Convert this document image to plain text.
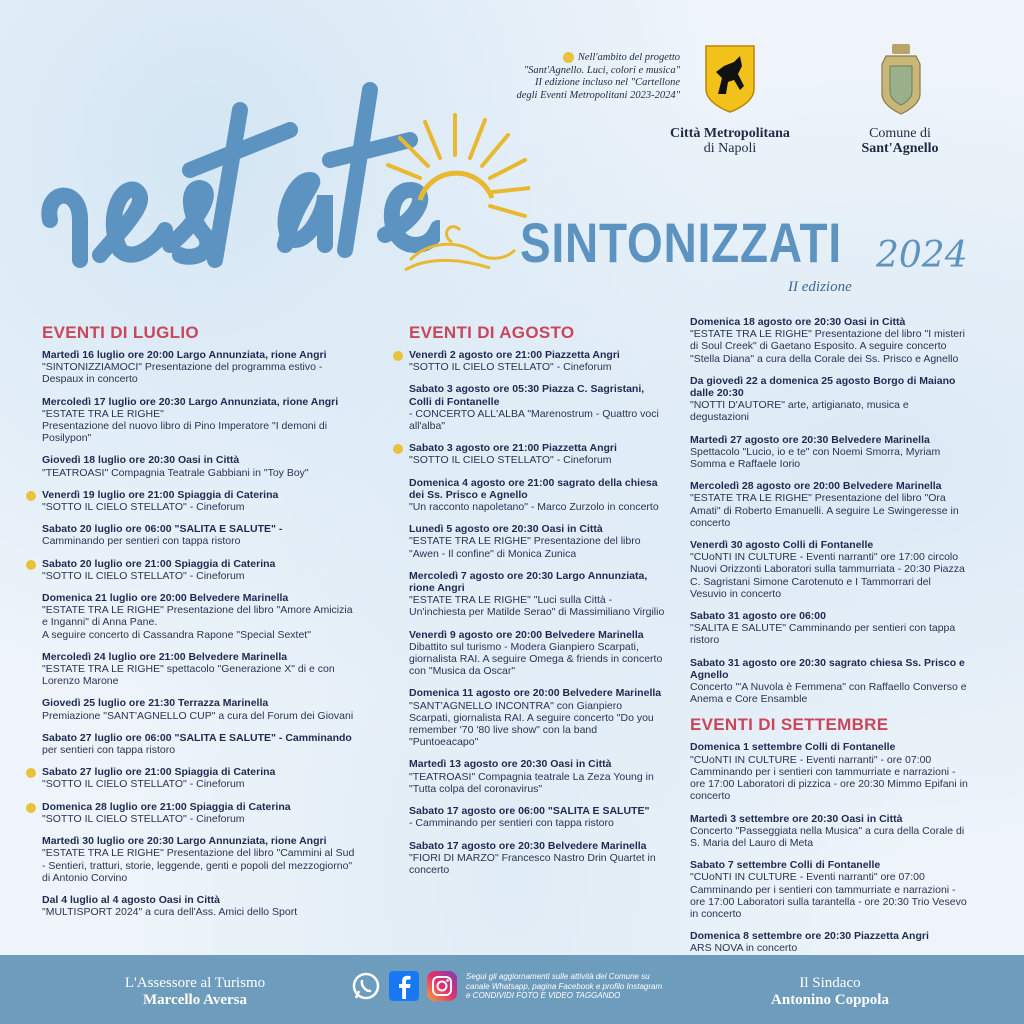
SINTONIZZATI 2024
II edizione
Nell'ambito del progetto
"Sant'Agnello. Luci, colori e musica"
II edizione incluso nel "Cartellone
degli Eventi Metropolitani 2023-2024"
Città Metropolitana
di Napoli
Comune di
Sant'Agnello
EVENTI DI LUGLIO
Martedì 16 luglio ore 20:00 Largo Annunziata, rione Angri
"SINTONIZZIAMOCI" Presentazione del programma estivo - Despaux in concerto
Mercoledì 17 luglio ore 20:30 Largo Annunziata, rione Angri
"ESTATE TRA LE RIGHE"
Presentazione del nuovo libro di Pino Imperatore "I demoni di Posilypon"
Giovedì 18 luglio ore 20:30 Oasi in Città
"TEATROASI" Compagnia Teatrale Gabbiani in "Toy Boy"
Venerdì 19 luglio ore 21:00 Spiaggia di Caterina
"SOTTO IL CIELO STELLATO" - Cineforum
Sabato 20 luglio ore 06:00 "SALITA E SALUTE" -
Camminando per sentieri con tappa ristoro
Sabato 20 luglio ore 21:00 Spiaggia di Caterina
"SOTTO IL CIELO STELLATO" - Cineforum
Domenica 21 luglio ore 20:00 Belvedere Marinella
"ESTATE TRA LE RIGHE" Presentazione del libro "Amore Amicizia e Inganni" di Anna Pane.
A seguire concerto di Cassandra Rapone "Special Sextet"
Mercoledì 24 luglio ore 21:00 Belvedere Marinella
"ESTATE TRA LE RIGHE" spettacolo "Generazione X" di e con Lorenzo Marone
Giovedì 25 luglio ore 21:30 Terrazza Marinella
Premiazione "SANT'AGNELLO CUP" a cura del Forum dei Giovani
Sabato 27 luglio ore 06:00 "SALITA E SALUTE" - Camminando
per sentieri con tappa ristoro
Sabato 27 luglio ore 21:00 Spiaggia di Caterina
"SOTTO IL CIELO STELLATO" - Cineforum
Domenica 28 luglio ore 21:00 Spiaggia di Caterina
"SOTTO IL CIELO STELLATO" - Cineforum
Martedì 30 luglio ore 20:30 Largo Annunziata, rione Angri
"ESTATE TRA LE RIGHE" Presentazione del libro "Cammini al Sud - Sentieri, tratturi, storie, leggende, genti e popoli del mezzogiorno" di Antonio Corvino
Dal 4 luglio al 4 agosto Oasi in Città
"MULTISPORT 2024" a cura dell'Ass. Amici dello Sport
EVENTI DI AGOSTO
Venerdì 2 agosto ore 21:00 Piazzetta Angri
"SOTTO IL CIELO STELLATO" - Cineforum
Sabato 3 agosto ore 05:30 Piazza C. Sagristani, Colli di Fontanelle
- CONCERTO ALL'ALBA "Marenostrum - Quattro voci all'alba"
Sabato 3 agosto ore 21:00 Piazzetta Angri
"SOTTO IL CIELO STELLATO" - Cineforum
Domenica 4 agosto ore 21:00 sagrato della chiesa dei Ss. Prisco e Agnello
"Un racconto napoletano" - Marco Zurzolo in concerto
Lunedì 5 agosto ore 20:30 Oasi in Città
"ESTATE TRA LE RIGHE" Presentazione del libro "Awen - Il confine" di Monica Zunica
Mercoledì 7 agosto ore 20:30 Largo Annunziata, rione Angri
"ESTATE TRA LE RIGHE" "Luci sulla Città - Un'inchiesta per Matilde Serao" di Massimiliano Virgilio
Venerdì 9 agosto ore 20:00 Belvedere Marinella
Dibattito sul turismo - Modera Gianpiero Scarpati, giornalista RAI. A seguire Omega & friends in concerto con "Musica da Oscar"
Domenica 11 agosto ore 20:00 Belvedere Marinella
"SANT'AGNELLO INCONTRA" con Gianpiero Scarpati, giornalista RAI. A seguire concerto "Do you remember '70 '80 live show" con la band "Puntoeacapo"
Martedì 13 agosto ore 20:30 Oasi in Città
"TEATROASI" Compagnia teatrale La Zeza Young in "Tutta colpa del coronavirus"
Sabato 17 agosto ore 06:00 "SALITA E SALUTE"
- Camminando per sentieri con tappa ristoro
Sabato 17 agosto ore 20:30 Belvedere Marinella
"FIORI DI MARZO" Francesco Nastro Drin Quartet in concerto
Domenica 18 agosto ore 20:30 Oasi in Città
"ESTATE TRA LE RIGHE" Presentazione del libro "I misteri di Soul Creek" di Gaetano Esposito. A seguire concerto "Stella Diana" a cura della Corale dei Ss. Prisco e Agnello
Da giovedì 22 a domenica 25 agosto Borgo di Maiano dalle 20:30
"NOTTI D'AUTORE" arte, artigianato, musica e degustazioni
Martedì 27 agosto ore 20:30 Belvedere Marinella
Spettacolo "Lucio, io e te" con Noemi Smorra, Myriam Somma e Raffaele Iorio
Mercoledì 28 agosto ore 20:00 Belvedere Marinella
"ESTATE TRA LE RIGHE" Presentazione del libro "Ora Amati" di Roberto Emanuelli. A seguire Le Swingeresse in concerto
Venerdì 30 agosto Colli di Fontanelle
"CUoNTI IN CULTURE - Eventi narranti" ore 17:00 circolo Nuovi Orizzonti Laboratori sulla tammurriata - 20:30 Piazza C. Sagristani Simone Carotenuto e I Tammorrari del Vesuvio in concerto
Sabato 31 agosto ore 06:00
"SALITA E SALUTE" Camminando per sentieri con tappa ristoro
Sabato 31 agosto ore 20:30 sagrato chiesa Ss. Prisco e Agnello
Concerto "'A Nuvola è Femmena" con Raffaello Converso e Anema e Core Ensamble
EVENTI DI SETTEMBRE
Domenica 1 settembre Colli di Fontanelle
"CUoNTI IN CULTURE - Eventi narranti" - ore 07:00 Camminando per i sentieri con tammurriate e narrazioni - ore 17:00 Laboratori di pizzica - ore 20:30 Mimmo Epifani in concerto
Martedì 3 settembre ore 20:30 Oasi in Città
Concerto "Passeggiata nella Musica" a cura della Corale di S. Maria del Lauro di Meta
Sabato 7 settembre Colli di Fontanelle
"CUoNTI IN CULTURE - Eventi narranti" ore 07:00 Camminando per i sentieri con tammurriate e narrazioni - ore 17:00 Laboratori sulla tarantella - ore 20:30 Trio Vesevo in concerto
Domenica 8 settembre ore 20:30 Piazzetta Angri
ARS NOVA in concerto
L'Assessore al Turismo
Marcello Aversa
Il Sindaco
Antonino Coppola
Segui gli aggiornamenti sulle attività del Comune su canale Whatsapp, pagina Facebook e profilo Instagram e CONDIVIDI FOTO E VIDEO TAGGANDO
